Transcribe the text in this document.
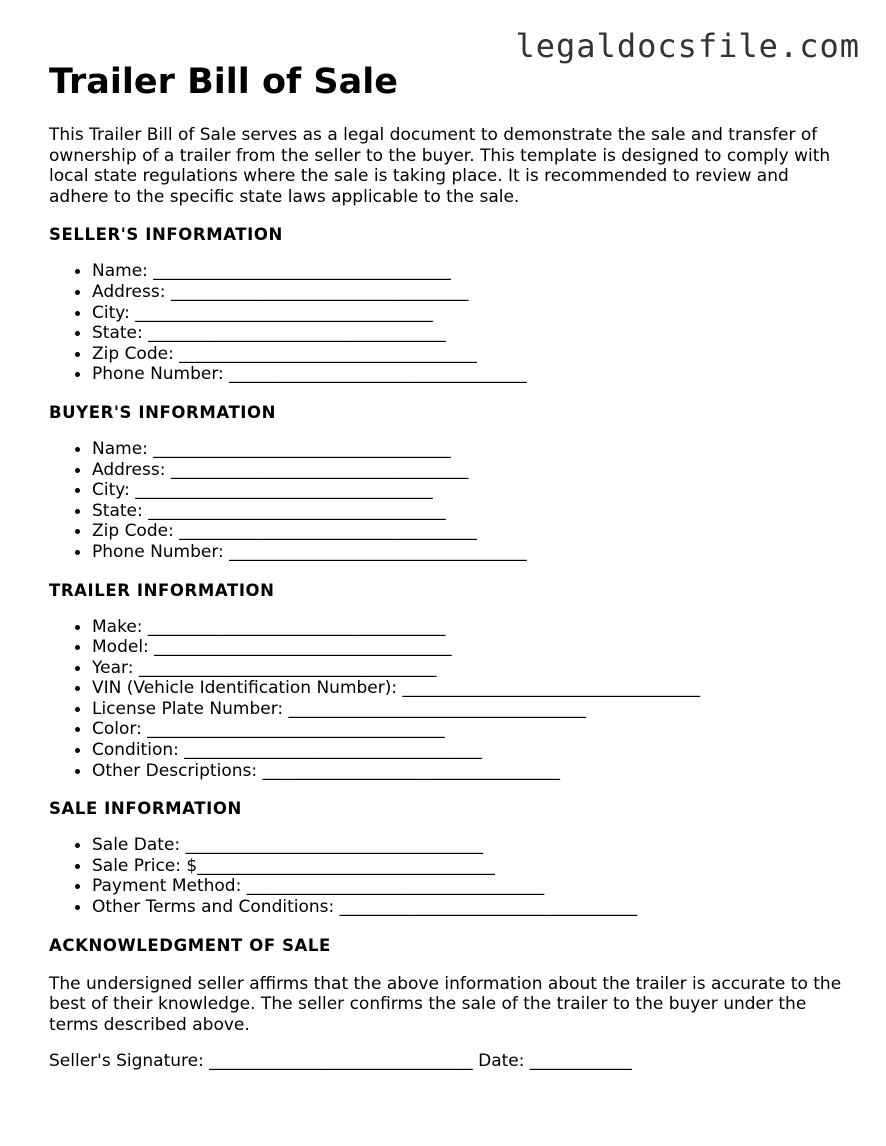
legaldocsfile.com
Trailer Bill of Sale

This Trailer Bill of Sale serves as a legal document to demonstrate the sale and transfer of ownership of a trailer from the seller to the buyer. This template is designed to comply with local state regulations where the sale is taking place. It is recommended to review and adhere to the specific state laws applicable to the sale.

SELLER'S INFORMATION
Name: ___________________________________
Address: ___________________________________
City: ___________________________________
State: ___________________________________
Zip Code: ___________________________________
Phone Number: ___________________________________
BUYER'S INFORMATION
Name: ___________________________________
Address: ___________________________________
City: ___________________________________
State: ___________________________________
Zip Code: ___________________________________
Phone Number: ___________________________________
TRAILER INFORMATION
Make: ___________________________________
Model: ___________________________________
Year: ___________________________________
VIN (Vehicle Identification Number): ___________________________________
License Plate Number: ___________________________________
Color: ___________________________________
Condition: ___________________________________
Other Descriptions: ___________________________________
SALE INFORMATION
Sale Date: ___________________________________
Sale Price: $___________________________________
Payment Method: ___________________________________
Other Terms and Conditions: ___________________________________
ACKNOWLEDGMENT OF SALE

The undersigned seller affirms that the above information about the trailer is accurate to the best of their knowledge. The seller confirms the sale of the trailer to the buyer under the terms described above.

Seller's Signature: _______________________________ Date: ____________
